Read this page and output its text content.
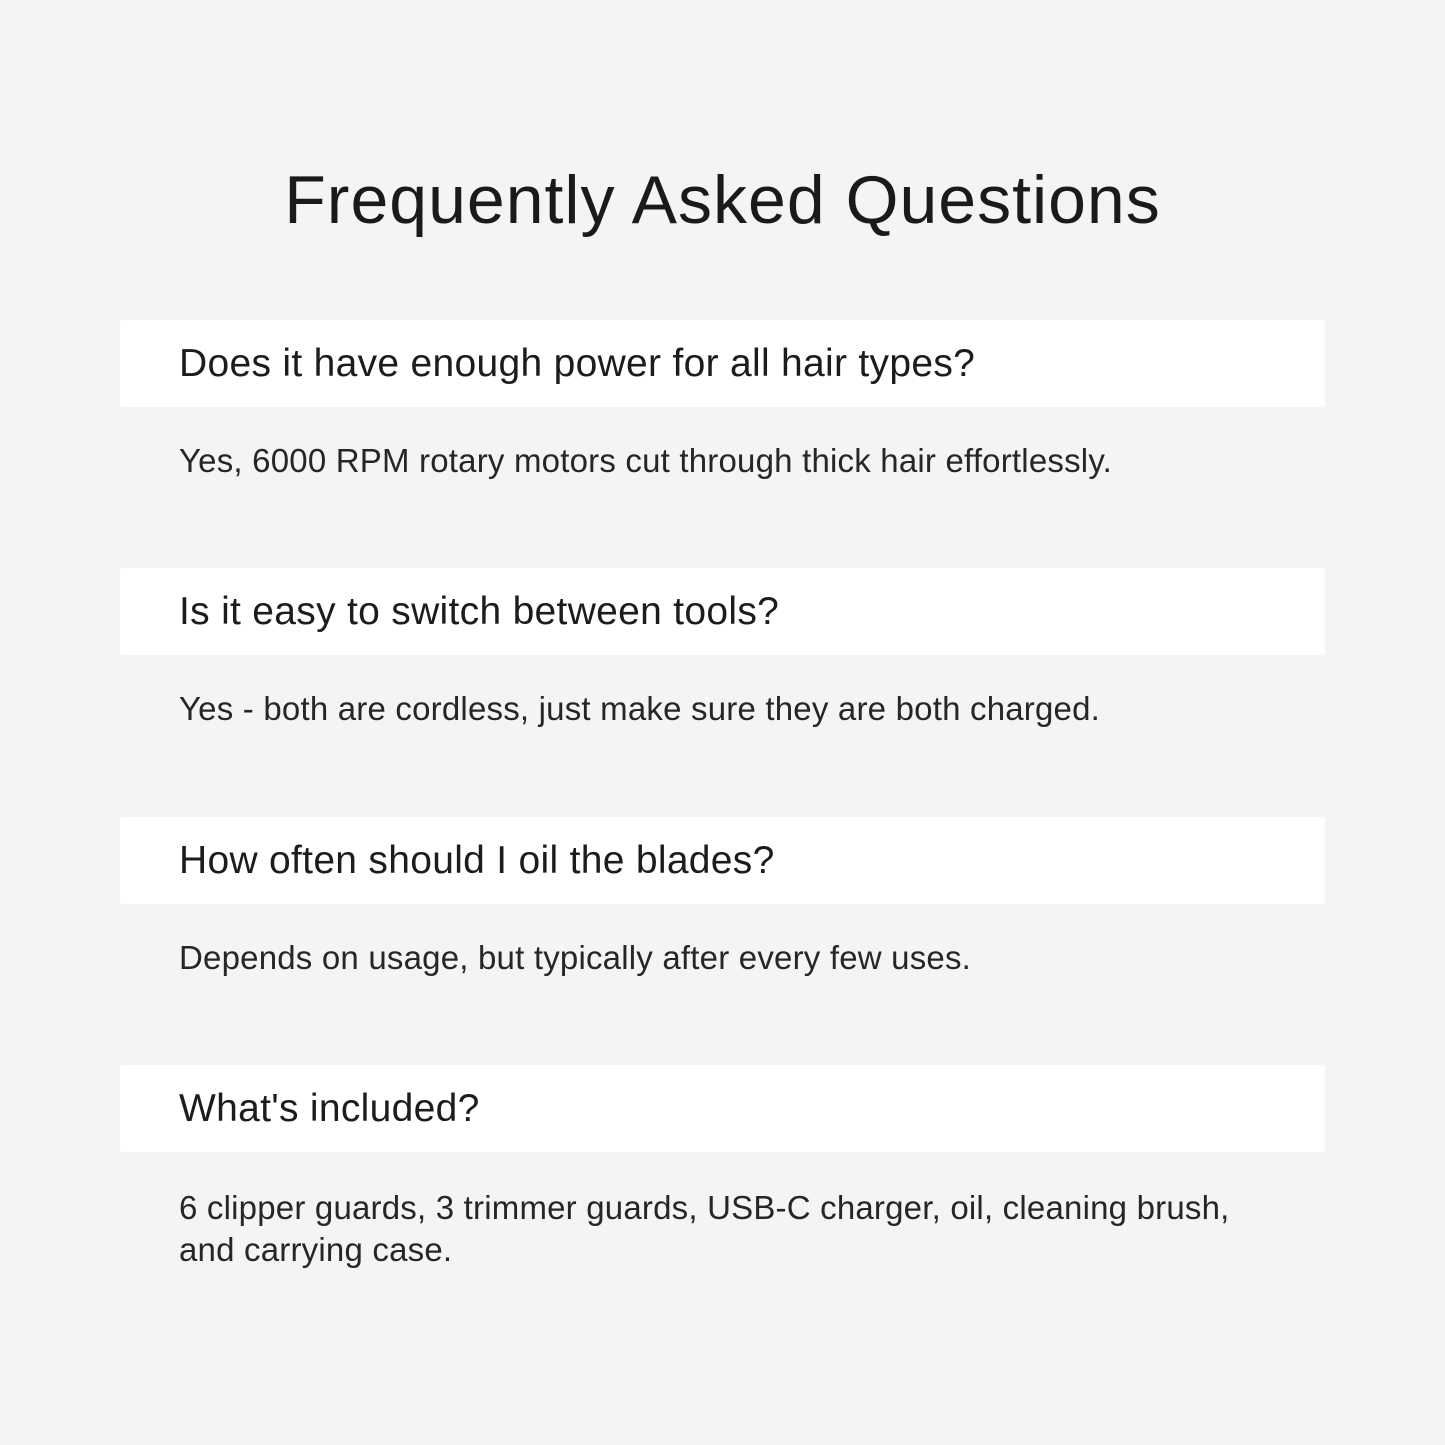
Frequently Asked Questions
Does it have enough power for all hair types?
Yes, 6000 RPM rotary motors cut through thick hair effortlessly.
Is it easy to switch between tools?
Yes - both are cordless, just make sure they are both charged.
How often should I oil the blades?
Depends on usage, but typically after every few uses.
What's included?
6 clipper guards, 3 trimmer guards, USB-C charger, oil, cleaning brush, and carrying case.
